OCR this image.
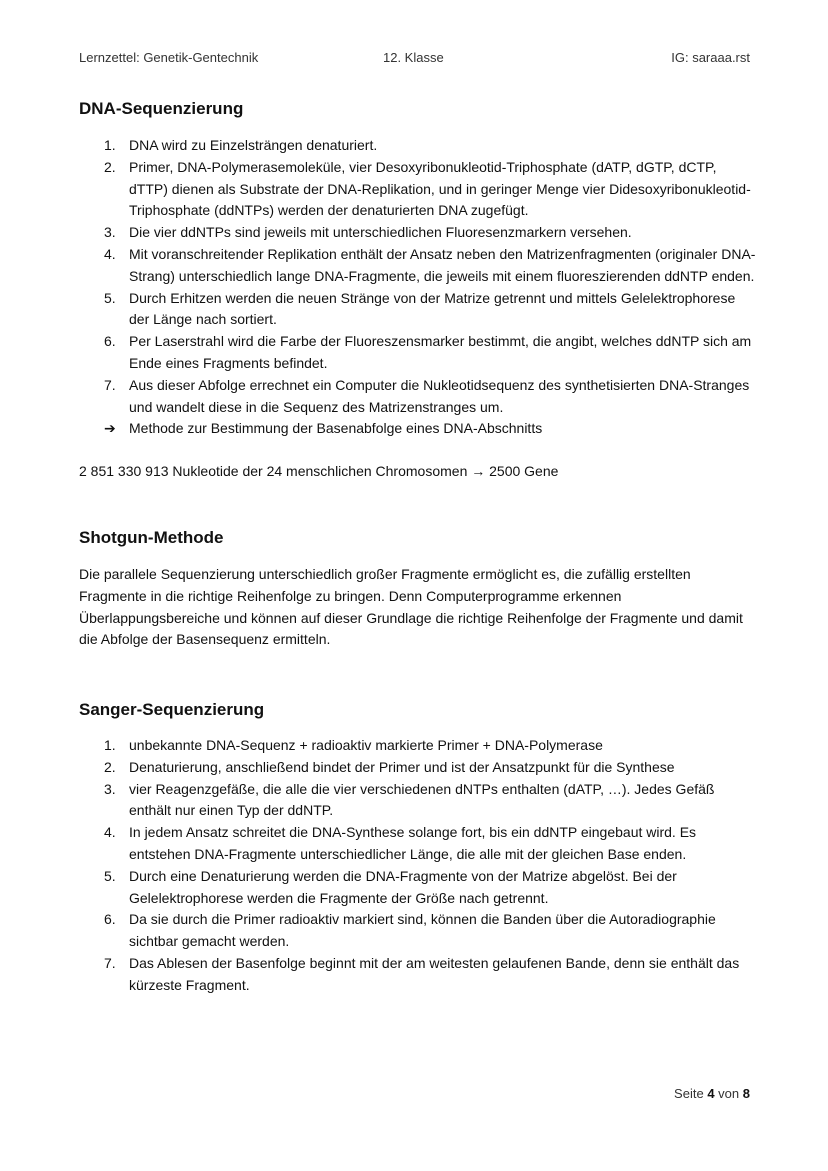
Lernzettel: Genetik-Gentechnik	12. Klasse	IG: saraaa.rst
DNA-Sequenzierung
1. DNA wird zu Einzelsträngen denaturiert.
2. Primer, DNA-Polymerasemoleküle, vier Desoxyribonukleotid-Triphosphate (dATP, dGTP, dCTP, dTTP) dienen als Substrate der DNA-Replikation, und in geringer Menge vier Didesoxyribonukleotid-Triphosphate (ddNTPs) werden der denaturierten DNA zugefügt.
3. Die vier ddNTPs sind jeweils mit unterschiedlichen Fluoresenzmarkern versehen.
4. Mit voranschreitender Replikation enthält der Ansatz neben den Matrizenfragmenten (originaler DNA-Strang) unterschiedlich lange DNA-Fragmente, die jeweils mit einem fluoreszierenden ddNTP enden.
5. Durch Erhitzen werden die neuen Stränge von der Matrize getrennt und mittels Gelelektrophorese der Länge nach sortiert.
6. Per Laserstrahl wird die Farbe der Fluoreszensmarker bestimmt, die angibt, welches ddNTP sich am Ende eines Fragments befindet.
7. Aus dieser Abfolge errechnet ein Computer die Nukleotidsequenz des synthetisierten DNA-Stranges und wandelt diese in die Sequenz des Matrizenstranges um.
➔ Methode zur Bestimmung der Basenabfolge eines DNA-Abschnitts
2 851 330 913 Nukleotide der 24 menschlichen Chromosomen → 2500 Gene
Shotgun-Methode

Die parallele Sequenzierung unterschiedlich großer Fragmente ermöglicht es, die zufällig erstellten Fragmente in die richtige Reihenfolge zu bringen. Denn Computerprogramme erkennen Überlappungsbereiche und können auf dieser Grundlage die richtige Reihenfolge der Fragmente und damit die Abfolge der Basensequenz ermitteln.

Sanger-Sequenzierung
1. unbekannte DNA-Sequenz + radioaktiv markierte Primer + DNA-Polymerase
2. Denaturierung, anschließend bindet der Primer und ist der Ansatzpunkt für die Synthese
3. vier Reagenzgefäße, die alle die vier verschiedenen dNTPs enthalten (dATP, …). Jedes Gefäß enthält nur einen Typ der ddNTP.
4. In jedem Ansatz schreitet die DNA-Synthese solange fort, bis ein ddNTP eingebaut wird. Es entstehen DNA-Fragmente unterschiedlicher Länge, die alle mit der gleichen Base enden.
5. Durch eine Denaturierung werden die DNA-Fragmente von der Matrize abgelöst. Bei der Gelelektrophorese werden die Fragmente der Größe nach getrennt.
6. Da sie durch die Primer radioaktiv markiert sind, können die Banden über die Autoradiographie sichtbar gemacht werden.
7. Das Ablesen der Basenfolge beginnt mit der am weitesten gelaufenen Bande, denn sie enthält das kürzeste Fragment.
Seite 4 von 8
